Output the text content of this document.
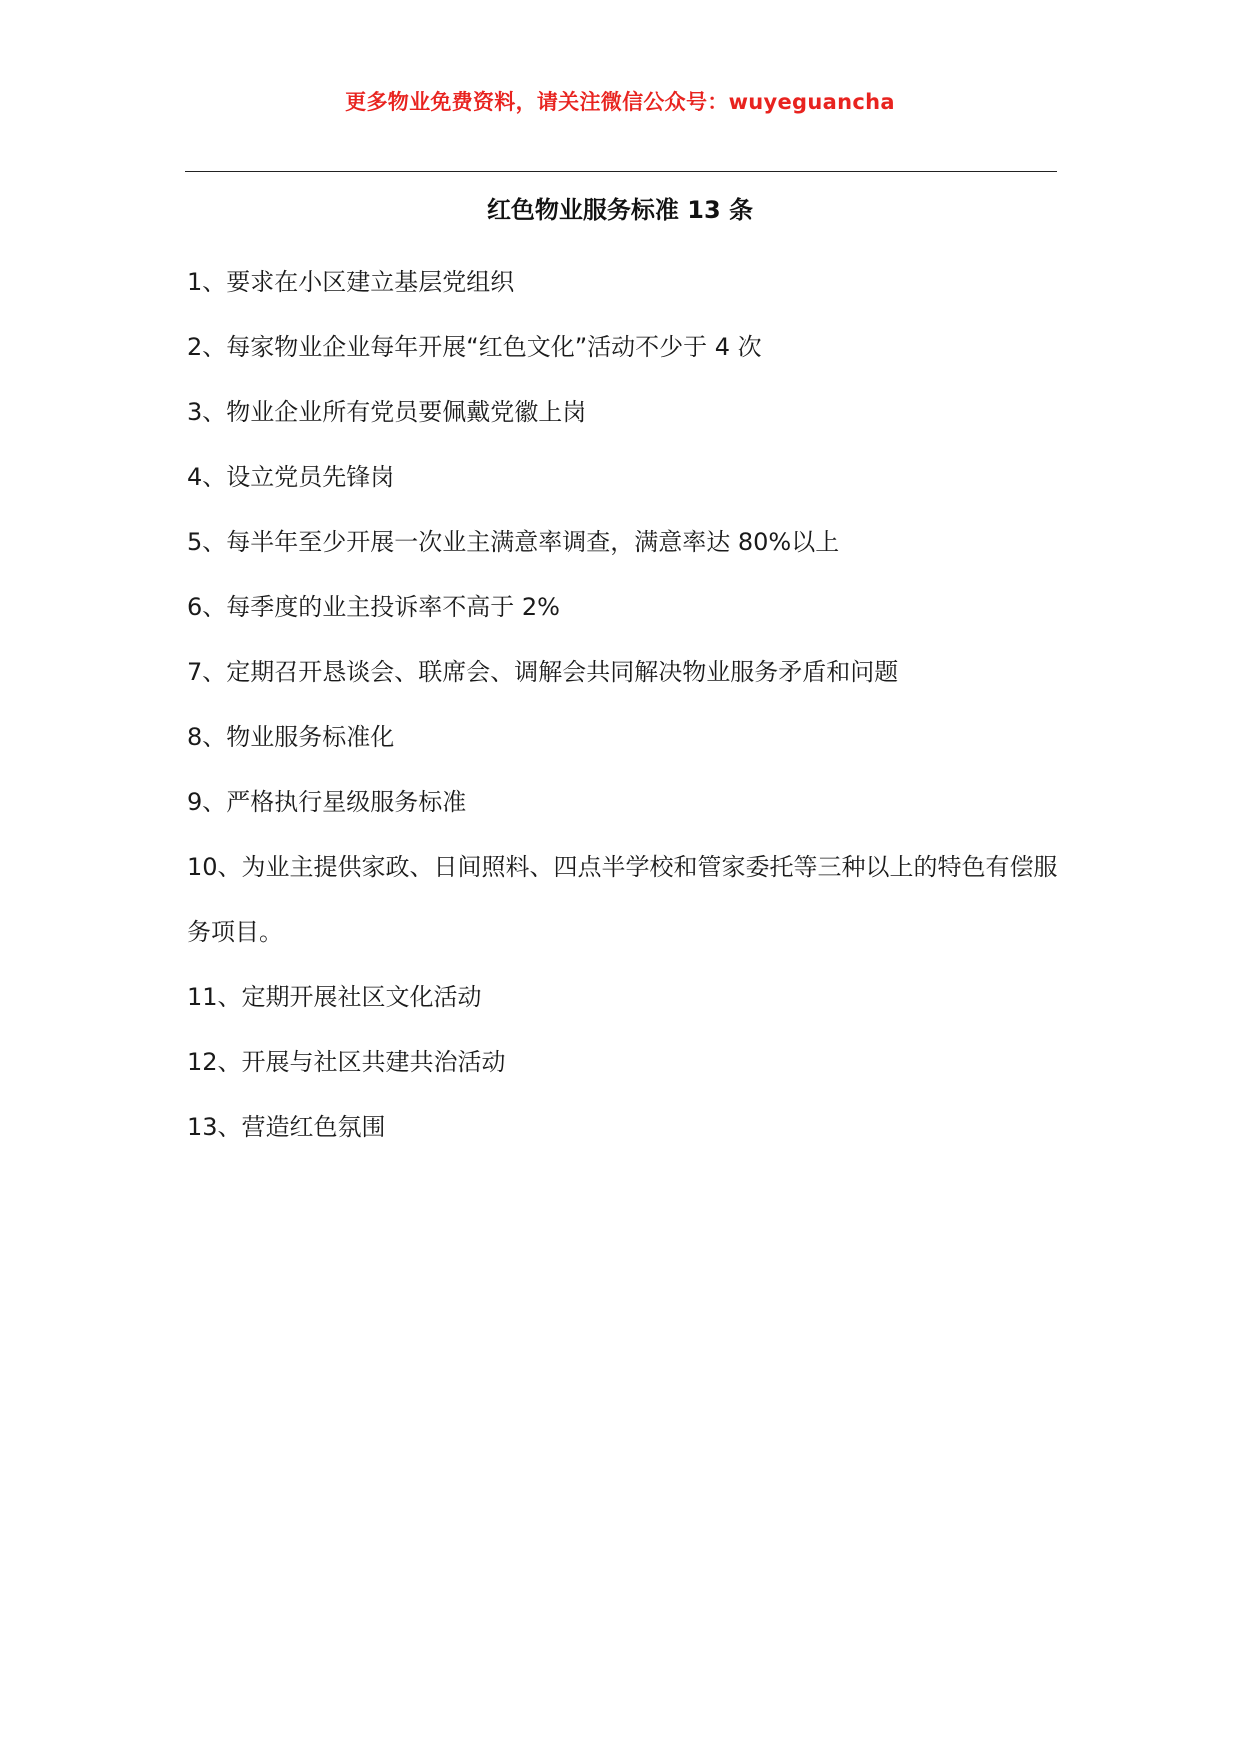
更多物业免费资料，请关注微信公众号：wuyeguancha
红色物业服务标准 13 条
1、要求在小区建立基层党组织
2、每家物业企业每年开展“红色文化”活动不少于 4 次
3、物业企业所有党员要佩戴党徽上岗
4、设立党员先锋岗
5、每半年至少开展一次业主满意率调查，满意率达 80%以上
6、每季度的业主投诉率不高于 2%
7、定期召开恳谈会、联席会、调解会共同解决物业服务矛盾和问题
8、物业服务标准化
9、严格执行星级服务标准
10、为业主提供家政、日间照料、四点半学校和管家委托等三种以上的特色有偿服务项目。
11、定期开展社区文化活动
12、开展与社区共建共治活动
13、营造红色氛围
